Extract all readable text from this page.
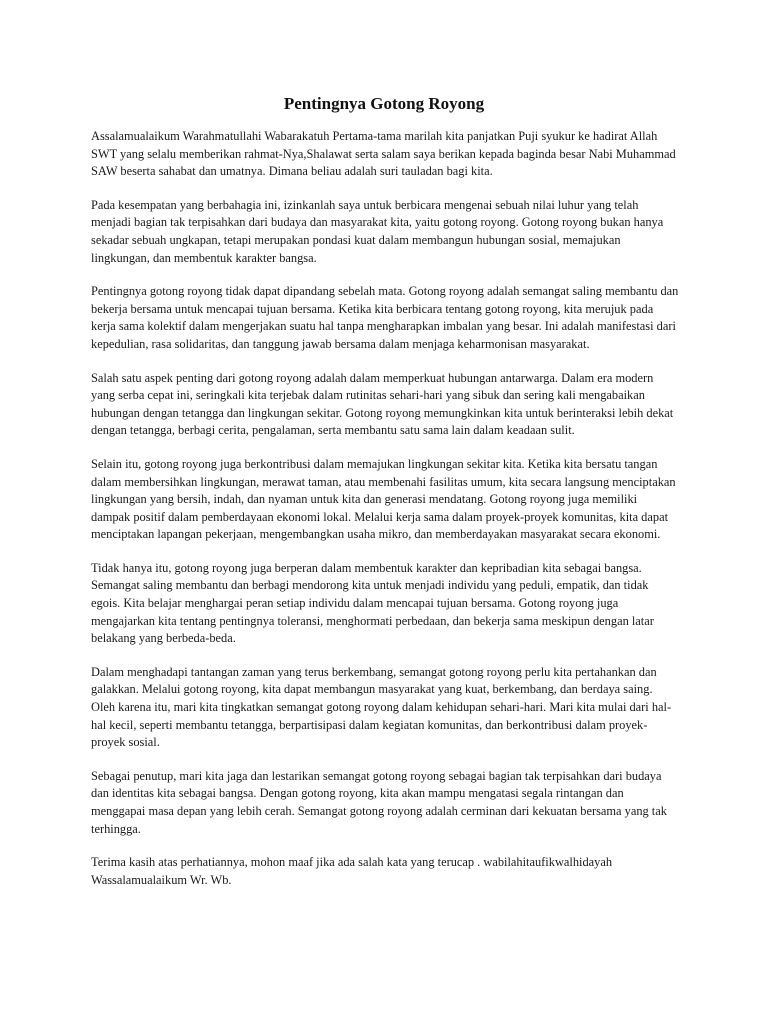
Pentingnya Gotong Royong

Assalamualaikum Warahmatullahi Wabarakatuh Pertama-tama marilah kita panjatkan Puji syukur ke hadirat Allah SWT yang selalu memberikan rahmat-Nya,Shalawat serta salam saya berikan kepada baginda besar Nabi Muhammad SAW beserta sahabat dan umatnya. Dimana beliau adalah suri tauladan bagi kita.

Pada kesempatan yang berbahagia ini, izinkanlah saya untuk berbicara mengenai sebuah nilai luhur yang telah menjadi bagian tak terpisahkan dari budaya dan masyarakat kita, yaitu gotong royong. Gotong royong bukan hanya sekadar sebuah ungkapan, tetapi merupakan pondasi kuat dalam membangun hubungan sosial, memajukan lingkungan, dan membentuk karakter bangsa.

Pentingnya gotong royong tidak dapat dipandang sebelah mata. Gotong royong adalah semangat saling membantu dan bekerja bersama untuk mencapai tujuan bersama. Ketika kita berbicara tentang gotong royong, kita merujuk pada kerja sama kolektif dalam mengerjakan suatu hal tanpa mengharapkan imbalan yang besar. Ini adalah manifestasi dari kepedulian, rasa solidaritas, dan tanggung jawab bersama dalam menjaga keharmonisan masyarakat.

Salah satu aspek penting dari gotong royong adalah dalam memperkuat hubungan antarwarga. Dalam era modern yang serba cepat ini, seringkali kita terjebak dalam rutinitas sehari-hari yang sibuk dan sering kali mengabaikan hubungan dengan tetangga dan lingkungan sekitar. Gotong royong memungkinkan kita untuk berinteraksi lebih dekat dengan tetangga, berbagi cerita, pengalaman, serta membantu satu sama lain dalam keadaan sulit.

Selain itu, gotong royong juga berkontribusi dalam memajukan lingkungan sekitar kita. Ketika kita bersatu tangan dalam membersihkan lingkungan, merawat taman, atau membenahi fasilitas umum, kita secara langsung menciptakan lingkungan yang bersih, indah, dan nyaman untuk kita dan generasi mendatang. Gotong royong juga memiliki dampak positif dalam pemberdayaan ekonomi lokal. Melalui kerja sama dalam proyek-proyek komunitas, kita dapat menciptakan lapangan pekerjaan, mengembangkan usaha mikro, dan memberdayakan masyarakat secara ekonomi.

Tidak hanya itu, gotong royong juga berperan dalam membentuk karakter dan kepribadian kita sebagai bangsa. Semangat saling membantu dan berbagi mendorong kita untuk menjadi individu yang peduli, empatik, dan tidak egois. Kita belajar menghargai peran setiap individu dalam mencapai tujuan bersama. Gotong royong juga mengajarkan kita tentang pentingnya toleransi, menghormati perbedaan, dan bekerja sama meskipun dengan latar belakang yang berbeda-beda.

Dalam menghadapi tantangan zaman yang terus berkembang, semangat gotong royong perlu kita pertahankan dan galakkan. Melalui gotong royong, kita dapat membangun masyarakat yang kuat, berkembang, dan berdaya saing. Oleh karena itu, mari kita tingkatkan semangat gotong royong dalam kehidupan sehari-hari. Mari kita mulai dari hal-hal kecil, seperti membantu tetangga, berpartisipasi dalam kegiatan komunitas, dan berkontribusi dalam proyek-proyek sosial.

Sebagai penutup, mari kita jaga dan lestarikan semangat gotong royong sebagai bagian tak terpisahkan dari budaya dan identitas kita sebagai bangsa. Dengan gotong royong, kita akan mampu mengatasi segala rintangan dan menggapai masa depan yang lebih cerah. Semangat gotong royong adalah cerminan dari kekuatan bersama yang tak terhingga.

Terima kasih atas perhatiannya, mohon maaf jika ada salah kata yang terucap . wabilahitaufikwalhidayah

Wassalamualaikum Wr. Wb.
